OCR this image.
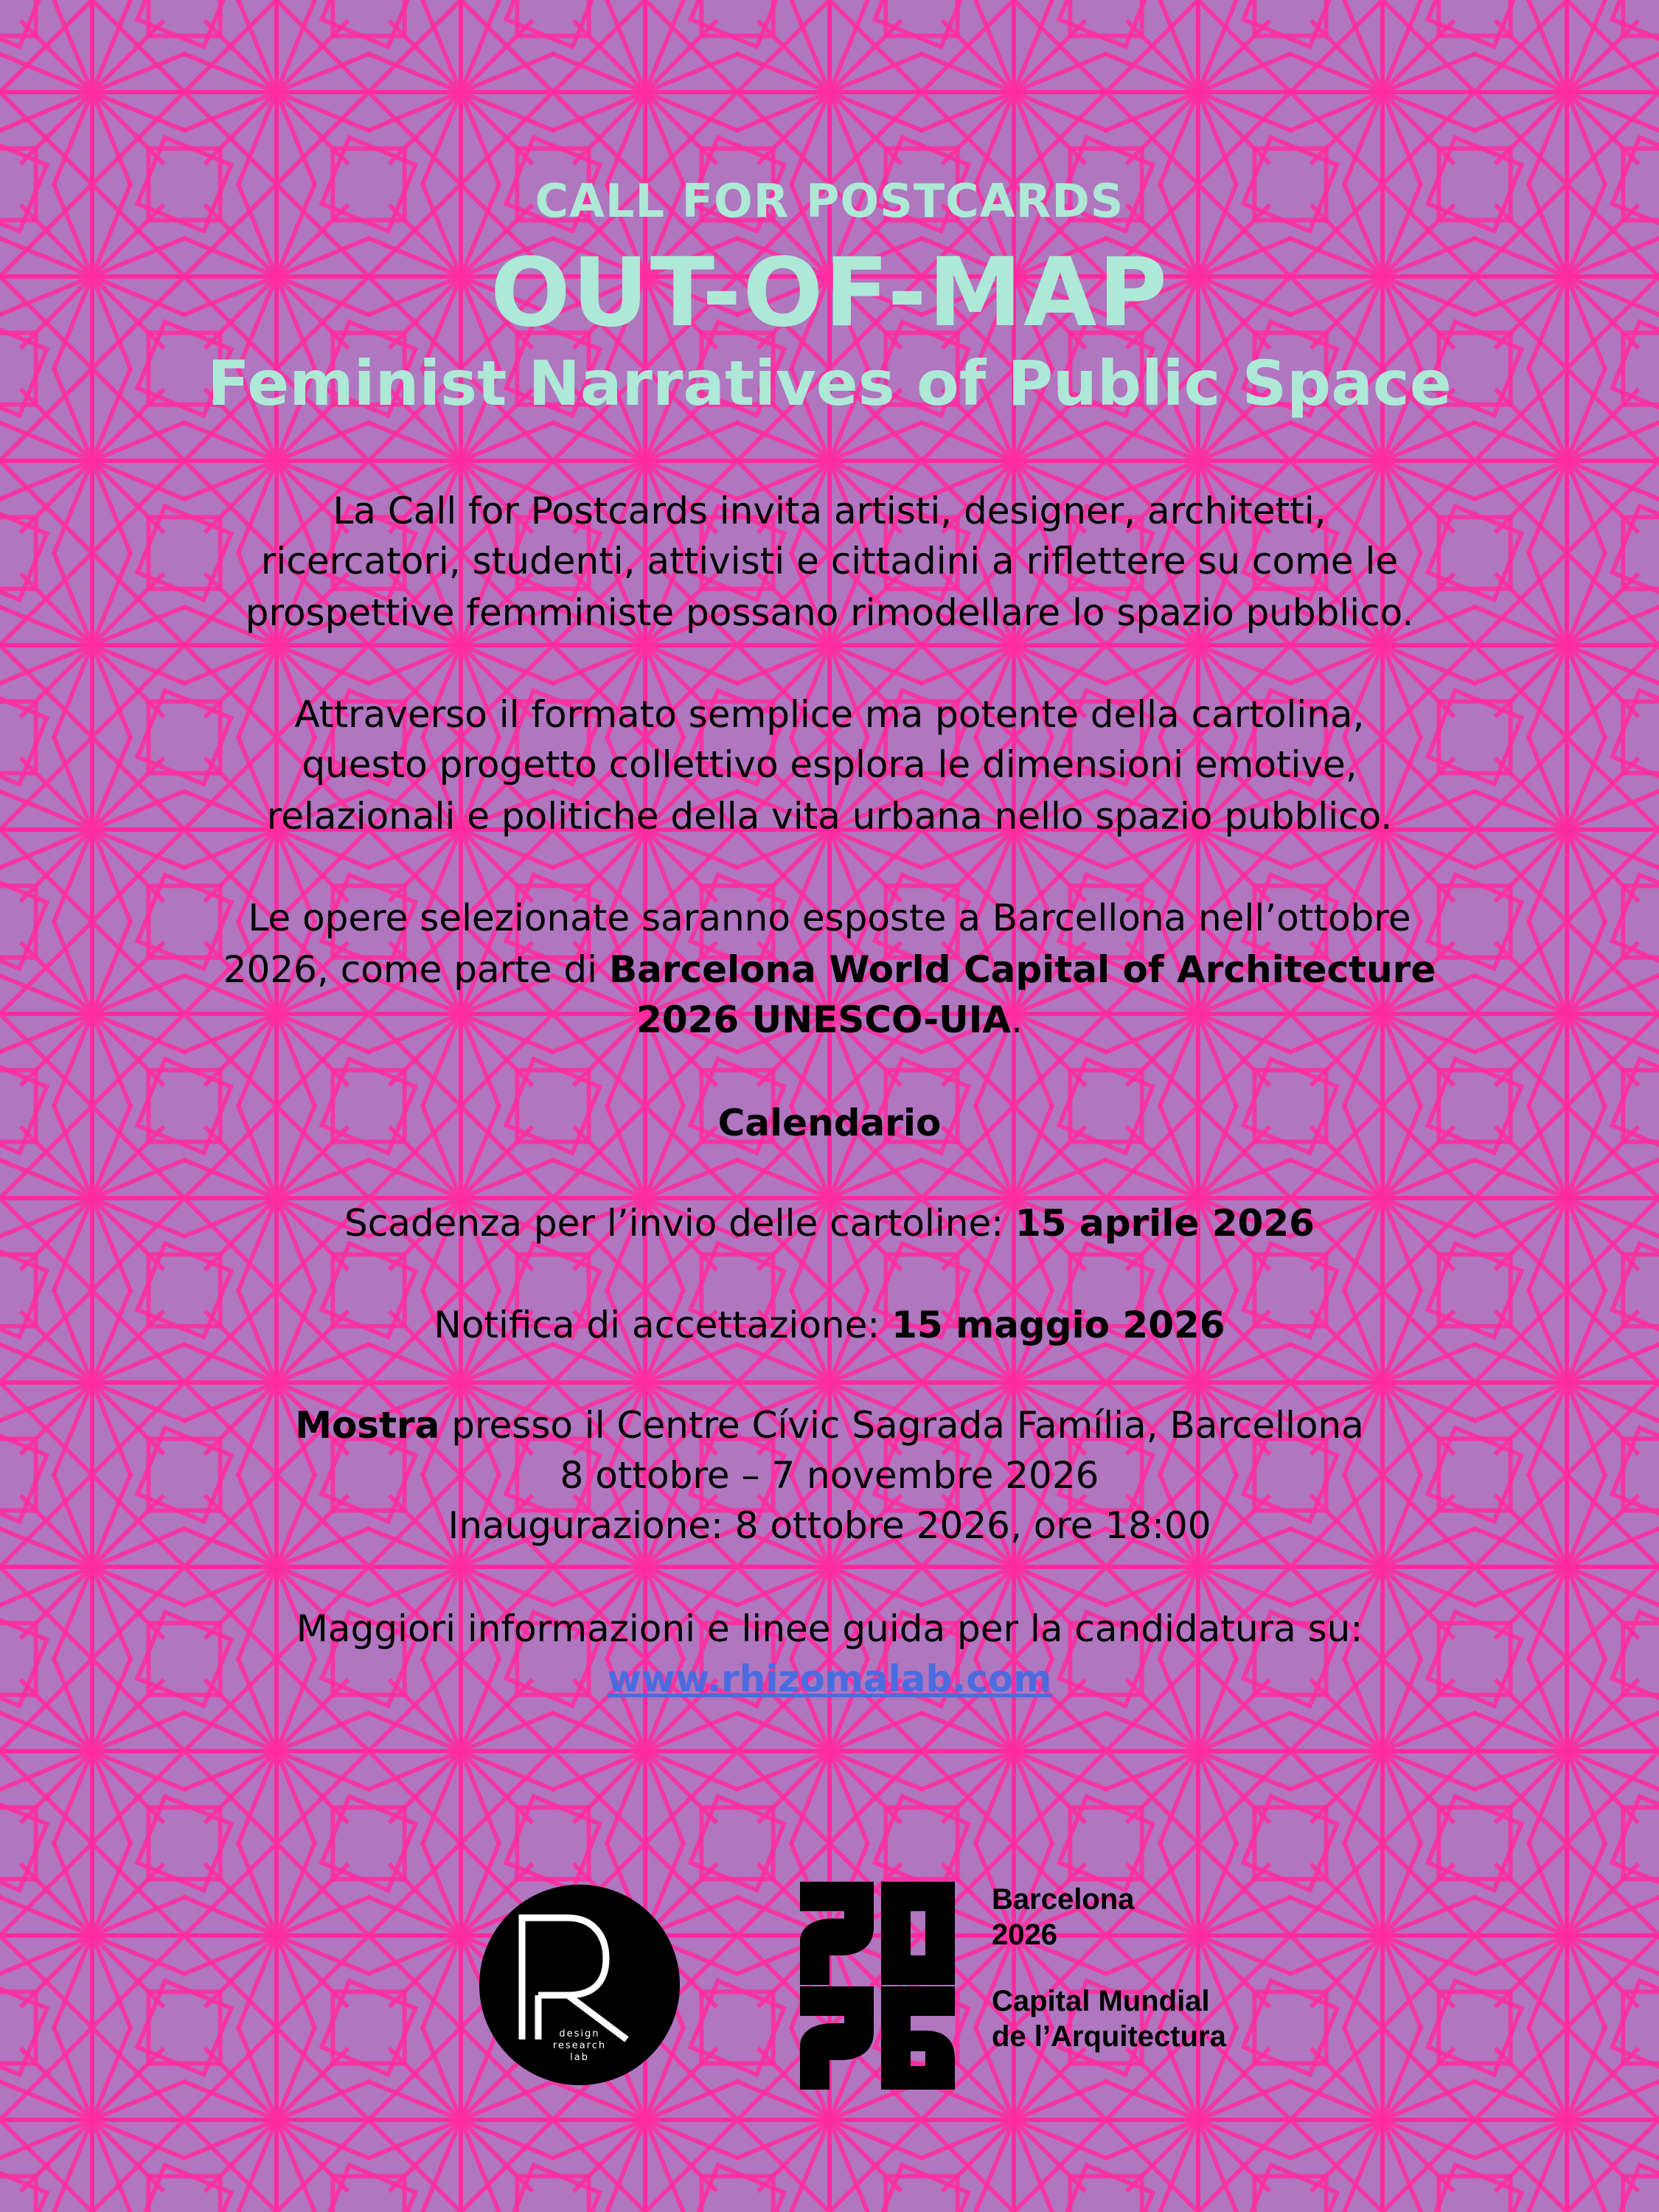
CALL FOR POSTCARDS
OUT-OF-MAP
Feminist Narratives of Public Space
La Call for Postcards invita artisti, designer, architetti,
ricercatori, studenti, attivisti e cittadini a riflettere su come le
prospettive femministe possano rimodellare lo spazio pubblico.
Attraverso il formato semplice ma potente della cartolina,
questo progetto collettivo esplora le dimensioni emotive,
relazionali e politiche della vita urbana nello spazio pubblico.
Le opere selezionate saranno esposte a Barcellona nell’ottobre
2026, come parte di Barcelona World Capital of Architecture
2026 UNESCO-UIA.
Calendario
Scadenza per l’invio delle cartoline: 15 aprile 2026
Notifica di accettazione: 15 maggio 2026
Mostra presso il Centre Cívic Sagrada Família, Barcellona
8 ottobre – 7 novembre 2026
Inaugurazione: 8 ottobre 2026, ore 18:00
Maggiori informazioni e linee guida per la candidatura su:
www.rhizomalab.com
design
research
lab
Barcelona
2026
Capital Mundial
de l’Arquitectura
